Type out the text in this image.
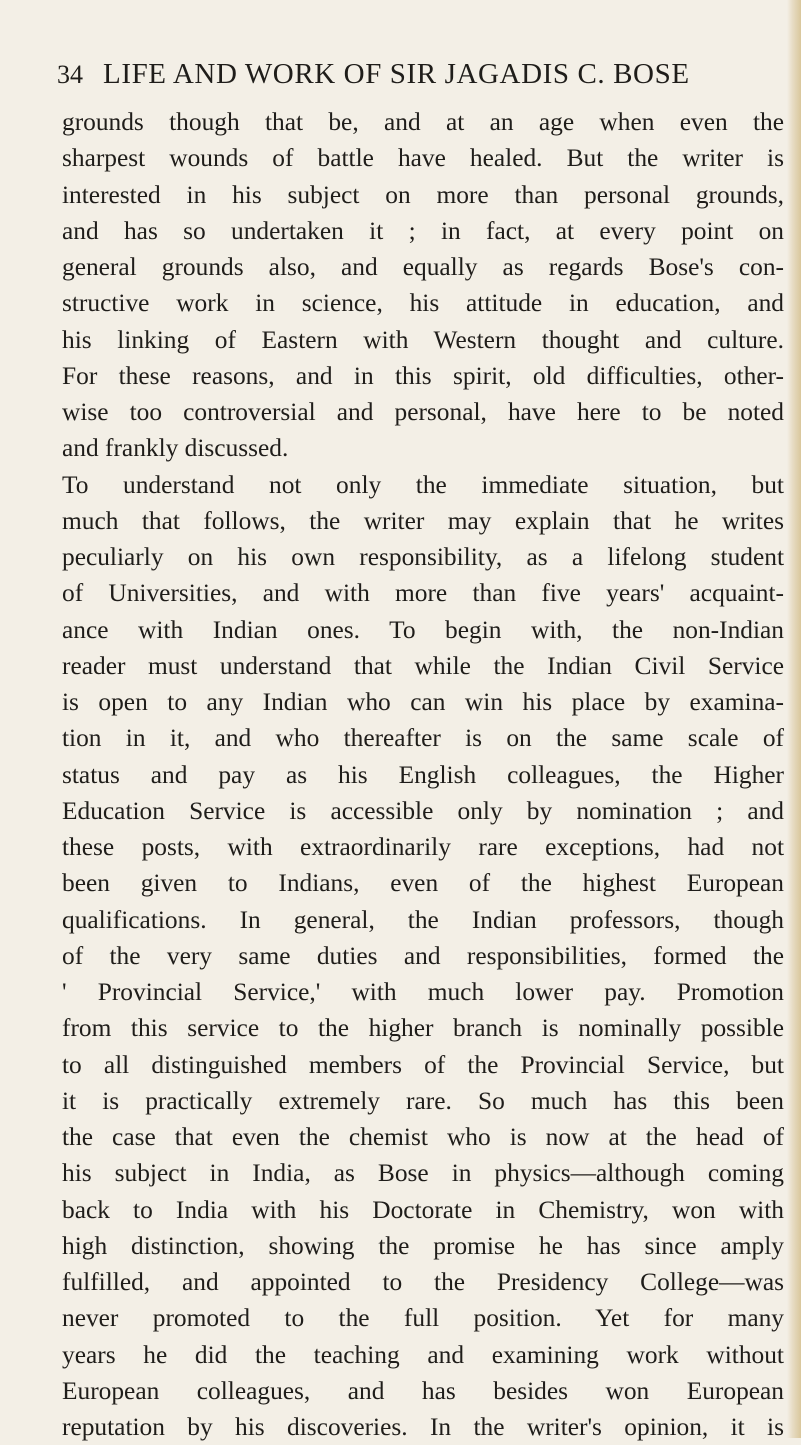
34 LIFE AND WORK OF SIR JAGADIS C. BOSE
grounds though that be, and at an age when even the
sharpest wounds of battle have healed. But the writer is
interested in his subject on more than personal grounds,
and has so undertaken it ; in fact, at every point on
general grounds also, and equally as regards Bose's con-
structive work in science, his attitude in education, and
his linking of Eastern with Western thought and culture.
For these reasons, and in this spirit, old difficulties, other-
wise too controversial and personal, have here to be noted
and frankly discussed.
To understand not only the immediate situation, but
much that follows, the writer may explain that he writes
peculiarly on his own responsibility, as a lifelong student
of Universities, and with more than five years' acquaint-
ance with Indian ones. To begin with, the non-Indian
reader must understand that while the Indian Civil Service
is open to any Indian who can win his place by examina-
tion in it, and who thereafter is on the same scale of
status and pay as his English colleagues, the Higher
Education Service is accessible only by nomination ; and
these posts, with extraordinarily rare exceptions, had not
been given to Indians, even of the highest European
qualifications. In general, the Indian professors, though
of the very same duties and responsibilities, formed the
' Provincial Service,' with much lower pay. Promotion
from this service to the higher branch is nominally possible
to all distinguished members of the Provincial Service, but
it is practically extremely rare. So much has this been
the case that even the chemist who is now at the head of
his subject in India, as Bose in physics—although coming
back to India with his Doctorate in Chemistry, won with
high distinction, showing the promise he has since amply
fulfilled, and appointed to the Presidency College—was
never promoted to the full position. Yet for many
years he did the teaching and examining work without
European colleagues, and has besides won European
reputation by his discoveries. In the writer's opinion, it is
